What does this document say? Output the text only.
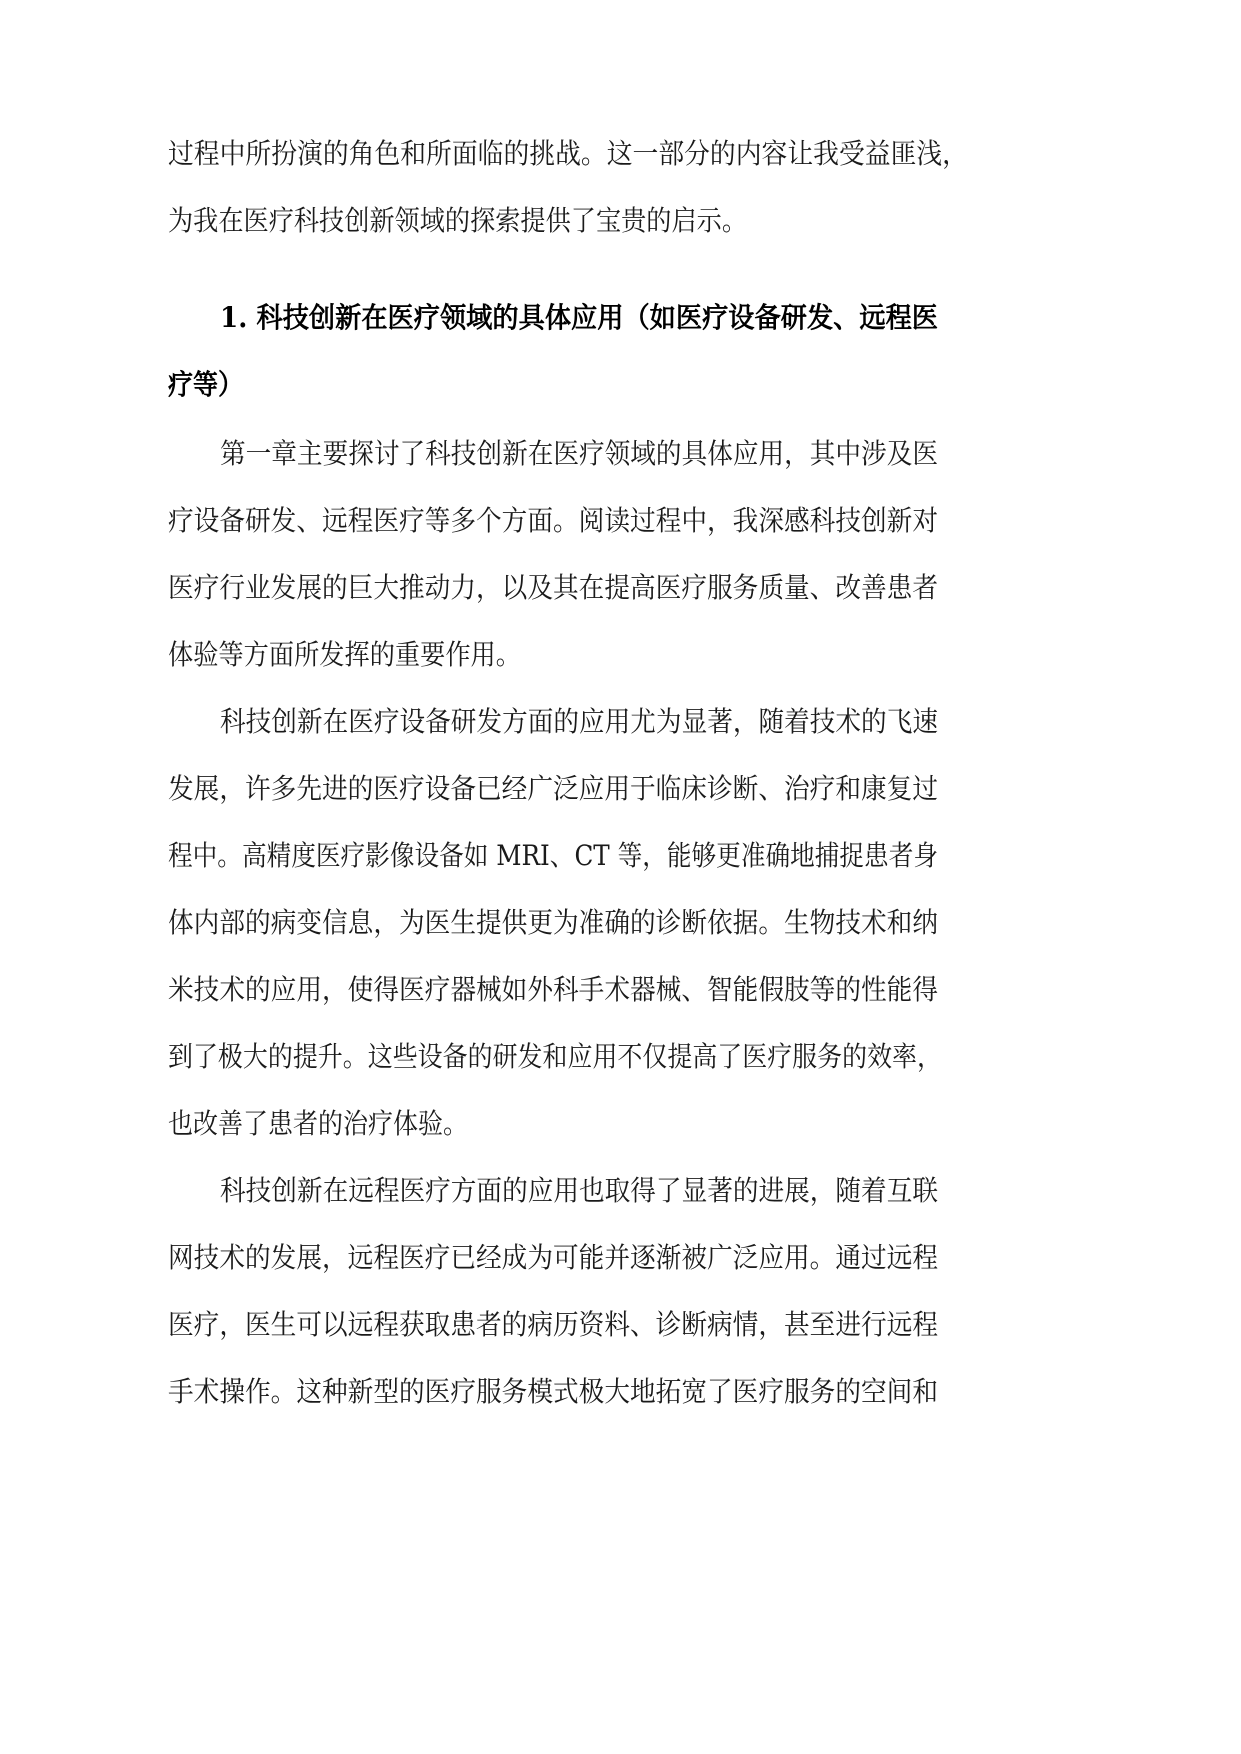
过程中所扮演的角色和所面临的挑战。这一部分的内容让我受益匪浅，
为我在医疗科技创新领域的探索提供了宝贵的启示。
1. 科技创新在医疗领域的具体应用（如医疗设备研发、远程医
疗等）
第一章主要探讨了科技创新在医疗领域的具体应用，其中涉及医
疗设备研发、远程医疗等多个方面。阅读过程中，我深感科技创新对
医疗行业发展的巨大推动力，以及其在提高医疗服务质量、改善患者
体验等方面所发挥的重要作用。
科技创新在医疗设备研发方面的应用尤为显著，随着技术的飞速
发展，许多先进的医疗设备已经广泛应用于临床诊断、治疗和康复过
程中。高精度医疗影像设备如 MRI、CT 等，能够更准确地捕捉患者身
体内部的病变信息，为医生提供更为准确的诊断依据。生物技术和纳
米技术的应用，使得医疗器械如外科手术器械、智能假肢等的性能得
到了极大的提升。这些设备的研发和应用不仅提高了医疗服务的效率，
也改善了患者的治疗体验。
科技创新在远程医疗方面的应用也取得了显著的进展，随着互联
网技术的发展，远程医疗已经成为可能并逐渐被广泛应用。通过远程
医疗，医生可以远程获取患者的病历资料、诊断病情，甚至进行远程
手术操作。这种新型的医疗服务模式极大地拓宽了医疗服务的空间和
